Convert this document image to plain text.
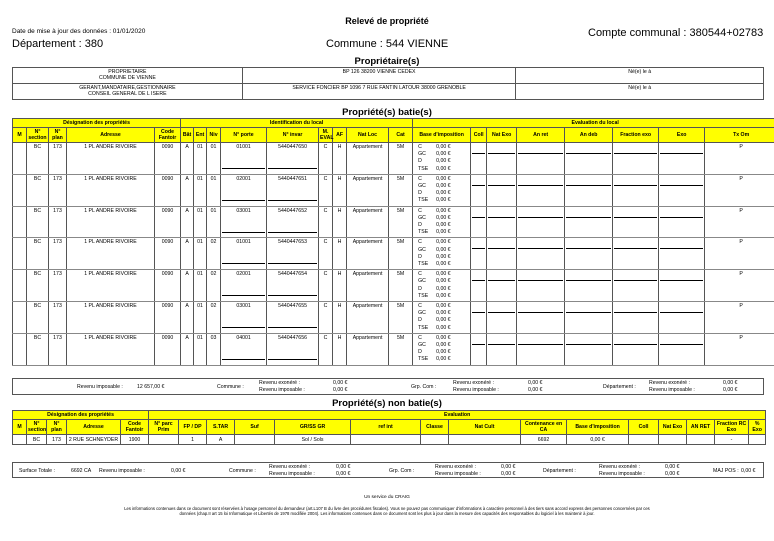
Relevé de propriété
Date de mise à jour des données : 01/01/2020
Département : 380	Commune : 544 VIENNE
Compte communal : 380544+02783
Propriétaire(s)
PROPRIETAIRE
COMMUNE DE VIENNE	BP 126 38200 VIENNE CEDEX	Né(e) le à

GERANT,MANDATAIRE,GESTIONNAIRE
CONSEIL GENERAL DE L ISERE	SERVICE FONCIER BP 1096 7 RUE FANTIN LATOUR 38000 GRENOBLE	Né(e) le à
Propriété(s) batie(s)
Désignation des propriétés					Identification du local									Evaluation du local							
M	N° section	N° plan	Adresse	Code Fantoir	Bât	Ent	Niv	N° porte	N° invar	M. EVAL	AF	Nat Loc	Cat	Base d'imposition	Coll	Nat Exo	An ret	An deb	Fraction exo	Exo	Tx Om
	BC	173	1 PL ANDRE RIVOIRE	0090	A	01	01	01001	5440447650	C	H	Appartement	5M	C 0,00 €
GC 0,00 €
D 0,00 €
TSE 0,00 €							P
	BC	173	1 PL ANDRE RIVOIRE	0090	A	01	01	02001	5440447651	C	H	Appartement	5M	C 0,00 €
GC 0,00 €
D 0,00 €
TSE 0,00 €							P
	BC	173	1 PL ANDRE RIVOIRE	0090	A	01	01	03001	5440447652	C	H	Appartement	5M	C 0,00 €
GC 0,00 €
D 0,00 €
TSE 0,00 €							P
	BC	173	1 PL ANDRE RIVOIRE	0090	A	01	02	01001	5440447653	C	H	Appartement	5M	C 0,00 €
GC 0,00 €
D 0,00 €
TSE 0,00 €							P
	BC	173	1 PL ANDRE RIVOIRE	0090	A	01	02	02001	5440447654	C	H	Appartement	5M	C 0,00 €
GC 0,00 €
D 0,00 €
TSE 0,00 €							P
	BC	173	1 PL ANDRE RIVOIRE	0090	A	01	02	03001	5440447655	C	H	Appartement	5M	C 0,00 €
GC 0,00 €
D 0,00 €
TSE 0,00 €							P
	BC	173	1 PL ANDRE RIVOIRE	0090	A	01	03	04001	5440447656	C	H	Appartement	5M	C 0,00 €
GC 0,00 €
D 0,00 €
TSE 0,00 €							P
Revenu imposable :	12 657,00 €	Commune :
Revenu exonéré :
Revenu imposable :
0,00 €
0,00 €	Grp. Com :
Revenu exonéré :
Revenu imposable :
0,00 €
0,00 €	Département :
Revenu exonéré :
Revenu imposable :
0,00 €
0,00 €
Propriété(s) non batie(s)
Désignation des propriétés					Evaluation														
M	N° section	N° plan	Adresse	Code Fantoir	N° parc Prim	FP / DP	S.TAR	Suf	GR/SS GR	ref int	Classe	Nat Cult	Contenance en CA	Base d'imposition	Coll	Nat Exo	AN RET	Fraction RC Exo	% Exo
	BC	173	2 RUE SCHNEYDER	1900		1	A		Sol / Sols				6692	0,00 €				-	
Surface Totale :	6692 CA Revenu imposable :	0,00 €	Commune :
Revenu exonéré :
Revenu imposable :
0,00 €
0,00 €	Grp. Com :
Revenu exonéré :
Revenu imposable :
0,00 €
0,00 €	Département :
Revenu exonéré :
Revenu imposable :
0,00 €
0,00 €	MAJ POS : 0,00 €
Un service du CRAIG
Les informations contenues dans ce document sont réservées à l'usage personnel du demandeur (art.L107 B du livre des procédures fiscales). Vous ne pouvez pas communiquer d'informations à caractère personnel à des tiers sans accord express des personnes concernées par ces données (chap.II art 15 loi Informatique et Libertés de 1978 modifiée 2004). Les informations contenues dans ce document sont les plus à jour dans la mesure des capacités des responsables du logiciel à les maintenir à jour.
